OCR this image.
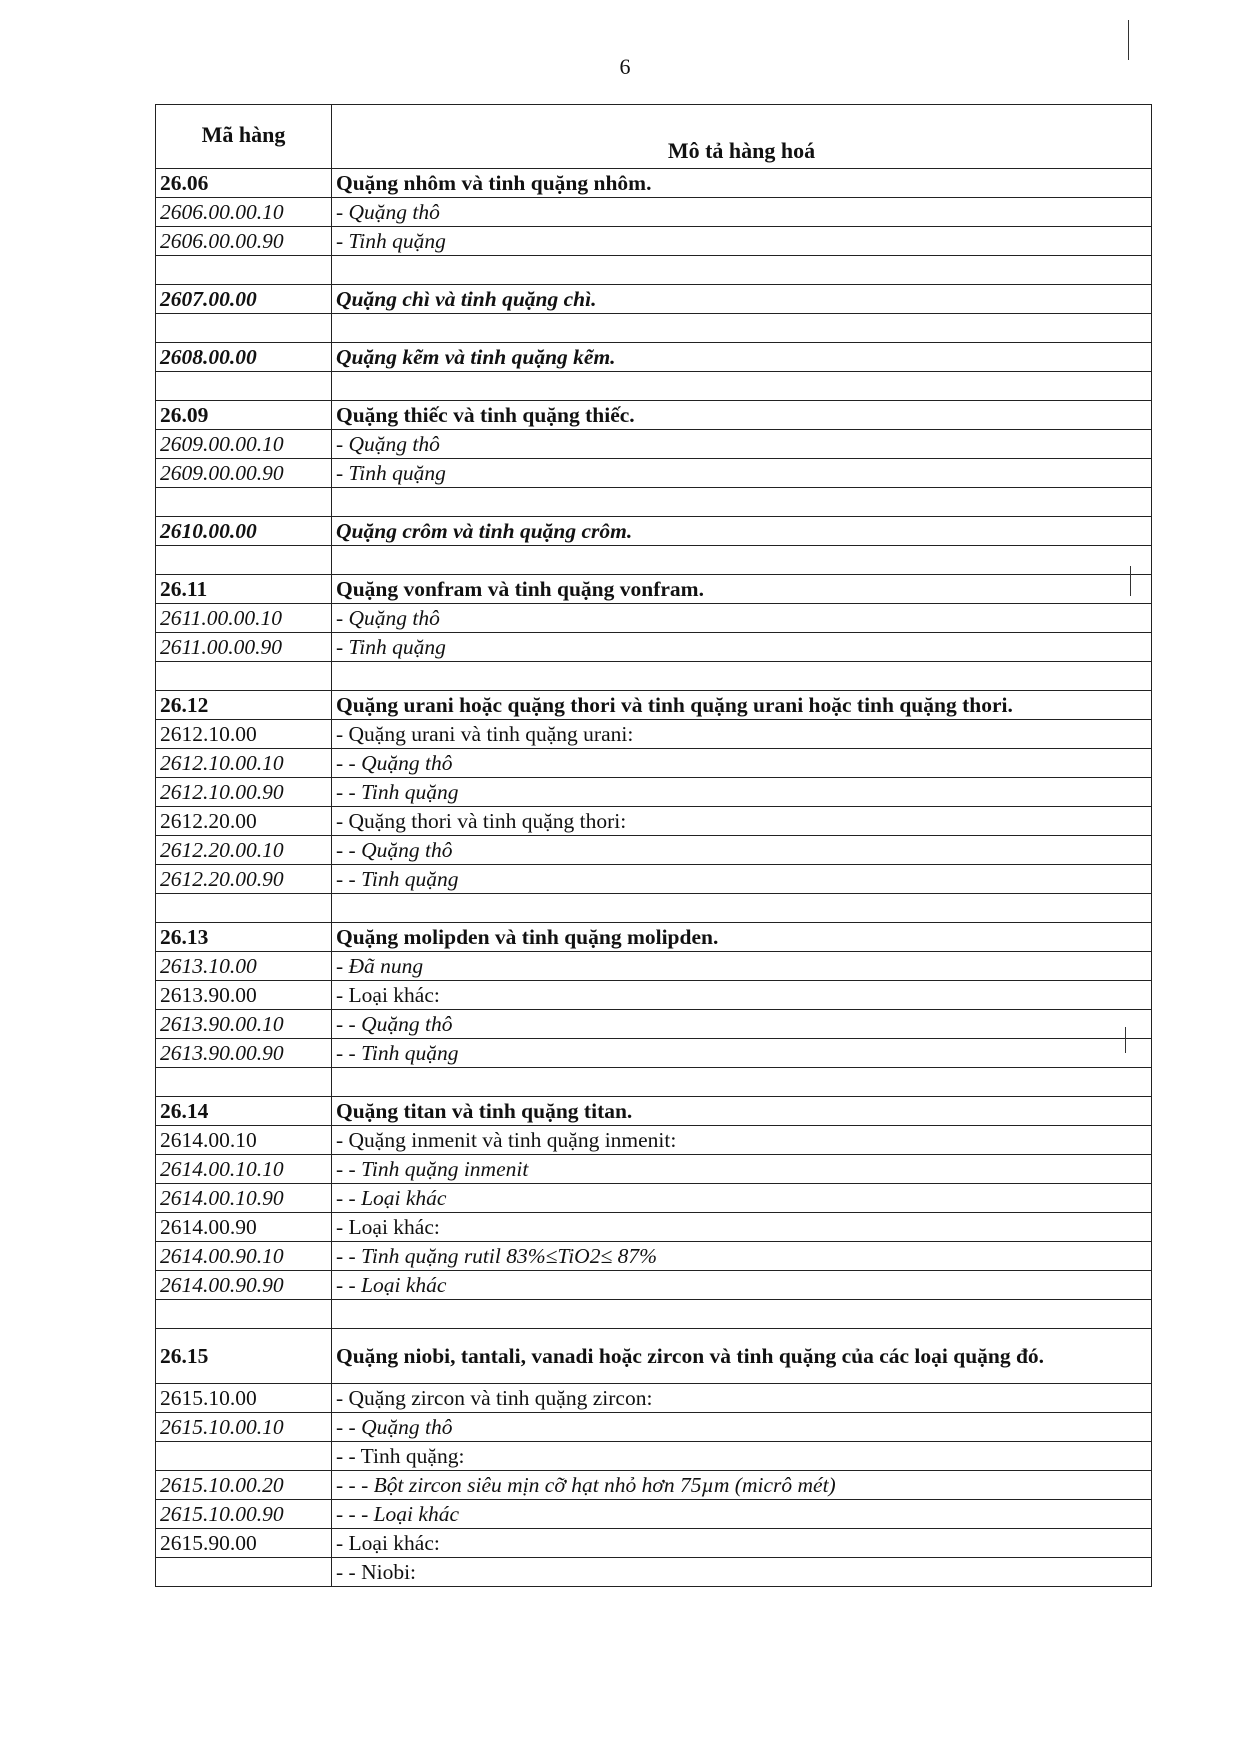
6
Mã hàng	Mô tả hàng hoá
26.06	Quặng nhôm và tinh quặng nhôm.
2606.00.00.10	- Quặng thô
2606.00.00.90	- Tinh quặng

2607.00.00	Quặng chì và tinh quặng chì.

2608.00.00	Quặng kẽm và tinh quặng kẽm.

26.09	Quặng thiếc và tinh quặng thiếc.
2609.00.00.10	- Quặng thô
2609.00.00.90	- Tinh quặng

2610.00.00	Quặng crôm và tinh quặng crôm.

26.11	Quặng vonfram và tinh quặng vonfram.
2611.00.00.10	- Quặng thô
2611.00.00.90	- Tinh quặng

26.12	Quặng urani hoặc quặng thori và tinh quặng urani hoặc tinh quặng thori.
2612.10.00	- Quặng urani và tinh quặng urani:
2612.10.00.10	- - Quặng thô
2612.10.00.90	- - Tinh quặng
2612.20.00	- Quặng thori và tinh quặng thori:
2612.20.00.10	- - Quặng thô
2612.20.00.90	- - Tinh quặng

26.13	Quặng molipden và tinh quặng molipden.
2613.10.00	- Đã nung
2613.90.00	- Loại khác:
2613.90.00.10	- - Quặng thô
2613.90.00.90	- - Tinh quặng

26.14	Quặng titan và tinh quặng titan.
2614.00.10	- Quặng inmenit và tinh quặng inmenit:
2614.00.10.10	- - Tinh quặng inmenit
2614.00.10.90	- - Loại khác
2614.00.90	- Loại khác:
2614.00.90.10	- - Tinh quặng rutil 83%≤TiO2≤ 87%
2614.00.90.90	- - Loại khác

26.15	Quặng niobi, tantali, vanadi hoặc zircon và tinh quặng của các loại quặng đó.
2615.10.00	- Quặng zircon và tinh quặng zircon:
2615.10.00.10	- - Quặng thô
	- - Tinh quặng:
2615.10.00.20	- - - Bột zircon siêu mịn cỡ hạt nhỏ hơn 75µm (micrô mét)
2615.10.00.90	- - - Loại khác
2615.90.00	- Loại khác:
	- - Niobi:
